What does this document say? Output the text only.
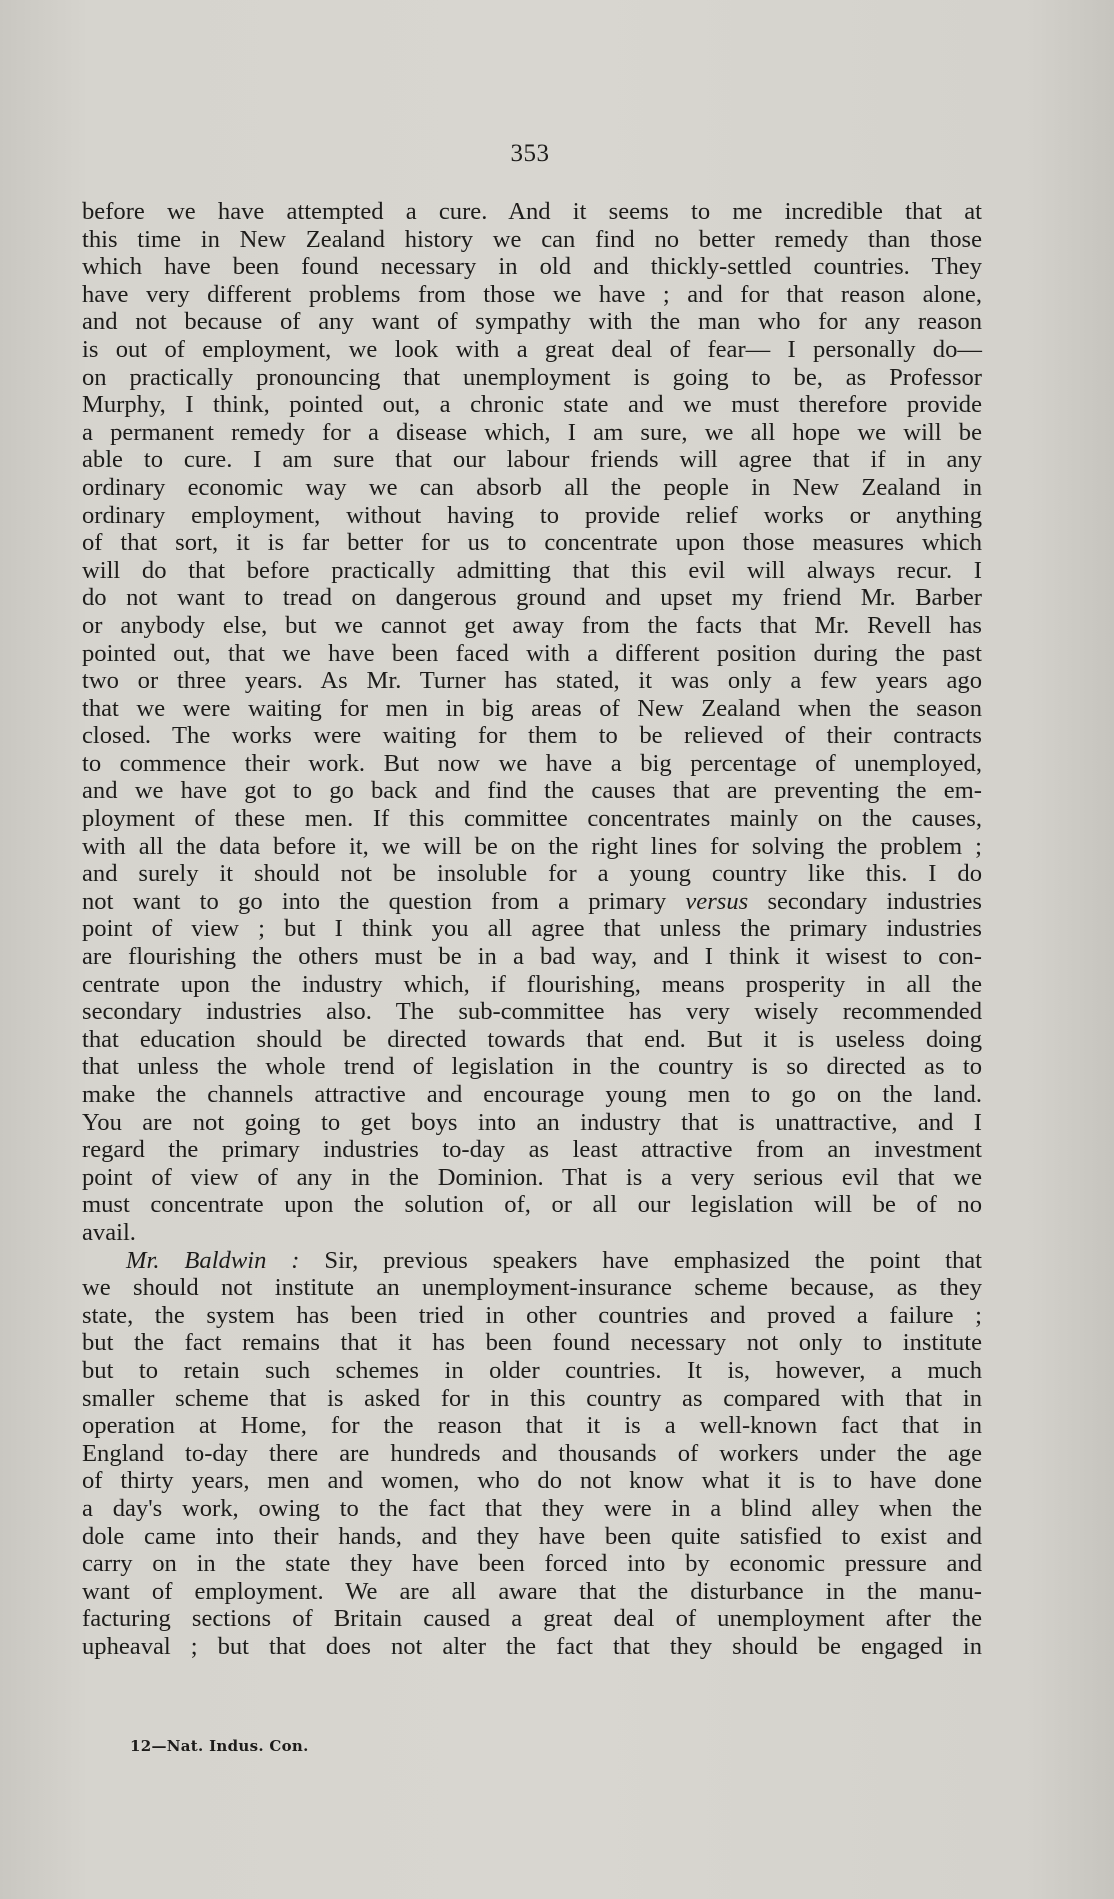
353
before we have attempted a cure. And it seems to me incredible that at
this time in New Zealand history we can find no better remedy than those
which have been found necessary in old and thickly-settled countries. They
have very different problems from those we have ; and for that reason alone,
and not because of any want of sympathy with the man who for any reason
is out of employment, we look with a great deal of fear— I personally do—
on practically pronouncing that unemployment is going to be, as Professor
Murphy, I think, pointed out, a chronic state and we must therefore provide
a permanent remedy for a disease which, I am sure, we all hope we will be
able to cure. I am sure that our labour friends will agree that if in any
ordinary economic way we can absorb all the people in New Zealand in
ordinary employment, without having to provide relief works or anything
of that sort, it is far better for us to concentrate upon those measures which
will do that before practically admitting that this evil will always recur. I
do not want to tread on dangerous ground and upset my friend Mr. Barber
or anybody else, but we cannot get away from the facts that Mr. Revell has
pointed out, that we have been faced with a different position during the past
two or three years. As Mr. Turner has stated, it was only a few years ago
that we were waiting for men in big areas of New Zealand when the season
closed. The works were waiting for them to be relieved of their contracts
to commence their work. But now we have a big percentage of unemployed,
and we have got to go back and find the causes that are preventing the em-
ployment of these men. If this committee concentrates mainly on the causes,
with all the data before it, we will be on the right lines for solving the problem ;
and surely it should not be insoluble for a young country like this. I do
not want to go into the question from a primary versus secondary industries
point of view ; but I think you all agree that unless the primary industries
are flourishing the others must be in a bad way, and I think it wisest to con-
centrate upon the industry which, if flourishing, means prosperity in all the
secondary industries also. The sub-committee has very wisely recommended
that education should be directed towards that end. But it is useless doing
that unless the whole trend of legislation in the country is so directed as to
make the channels attractive and encourage young men to go on the land.
You are not going to get boys into an industry that is unattractive, and I
regard the primary industries to-day as least attractive from an investment
point of view of any in the Dominion. That is a very serious evil that we
must concentrate upon the solution of, or all our legislation will be of no
avail.
Mr. Baldwin : Sir, previous speakers have emphasized the point that
we should not institute an unemployment-insurance scheme because, as they
state, the system has been tried in other countries and proved a failure ;
but the fact remains that it has been found necessary not only to institute
but to retain such schemes in older countries. It is, however, a much
smaller scheme that is asked for in this country as compared with that in
operation at Home, for the reason that it is a well-known fact that in
England to-day there are hundreds and thousands of workers under the age
of thirty years, men and women, who do not know what it is to have done
a day's work, owing to the fact that they were in a blind alley when the
dole came into their hands, and they have been quite satisfied to exist and
carry on in the state they have been forced into by economic pressure and
want of employment. We are all aware that the disturbance in the manu-
facturing sections of Britain caused a great deal of unemployment after the
upheaval ; but that does not alter the fact that they should be engaged in
12—Nat. Indus. Con.
